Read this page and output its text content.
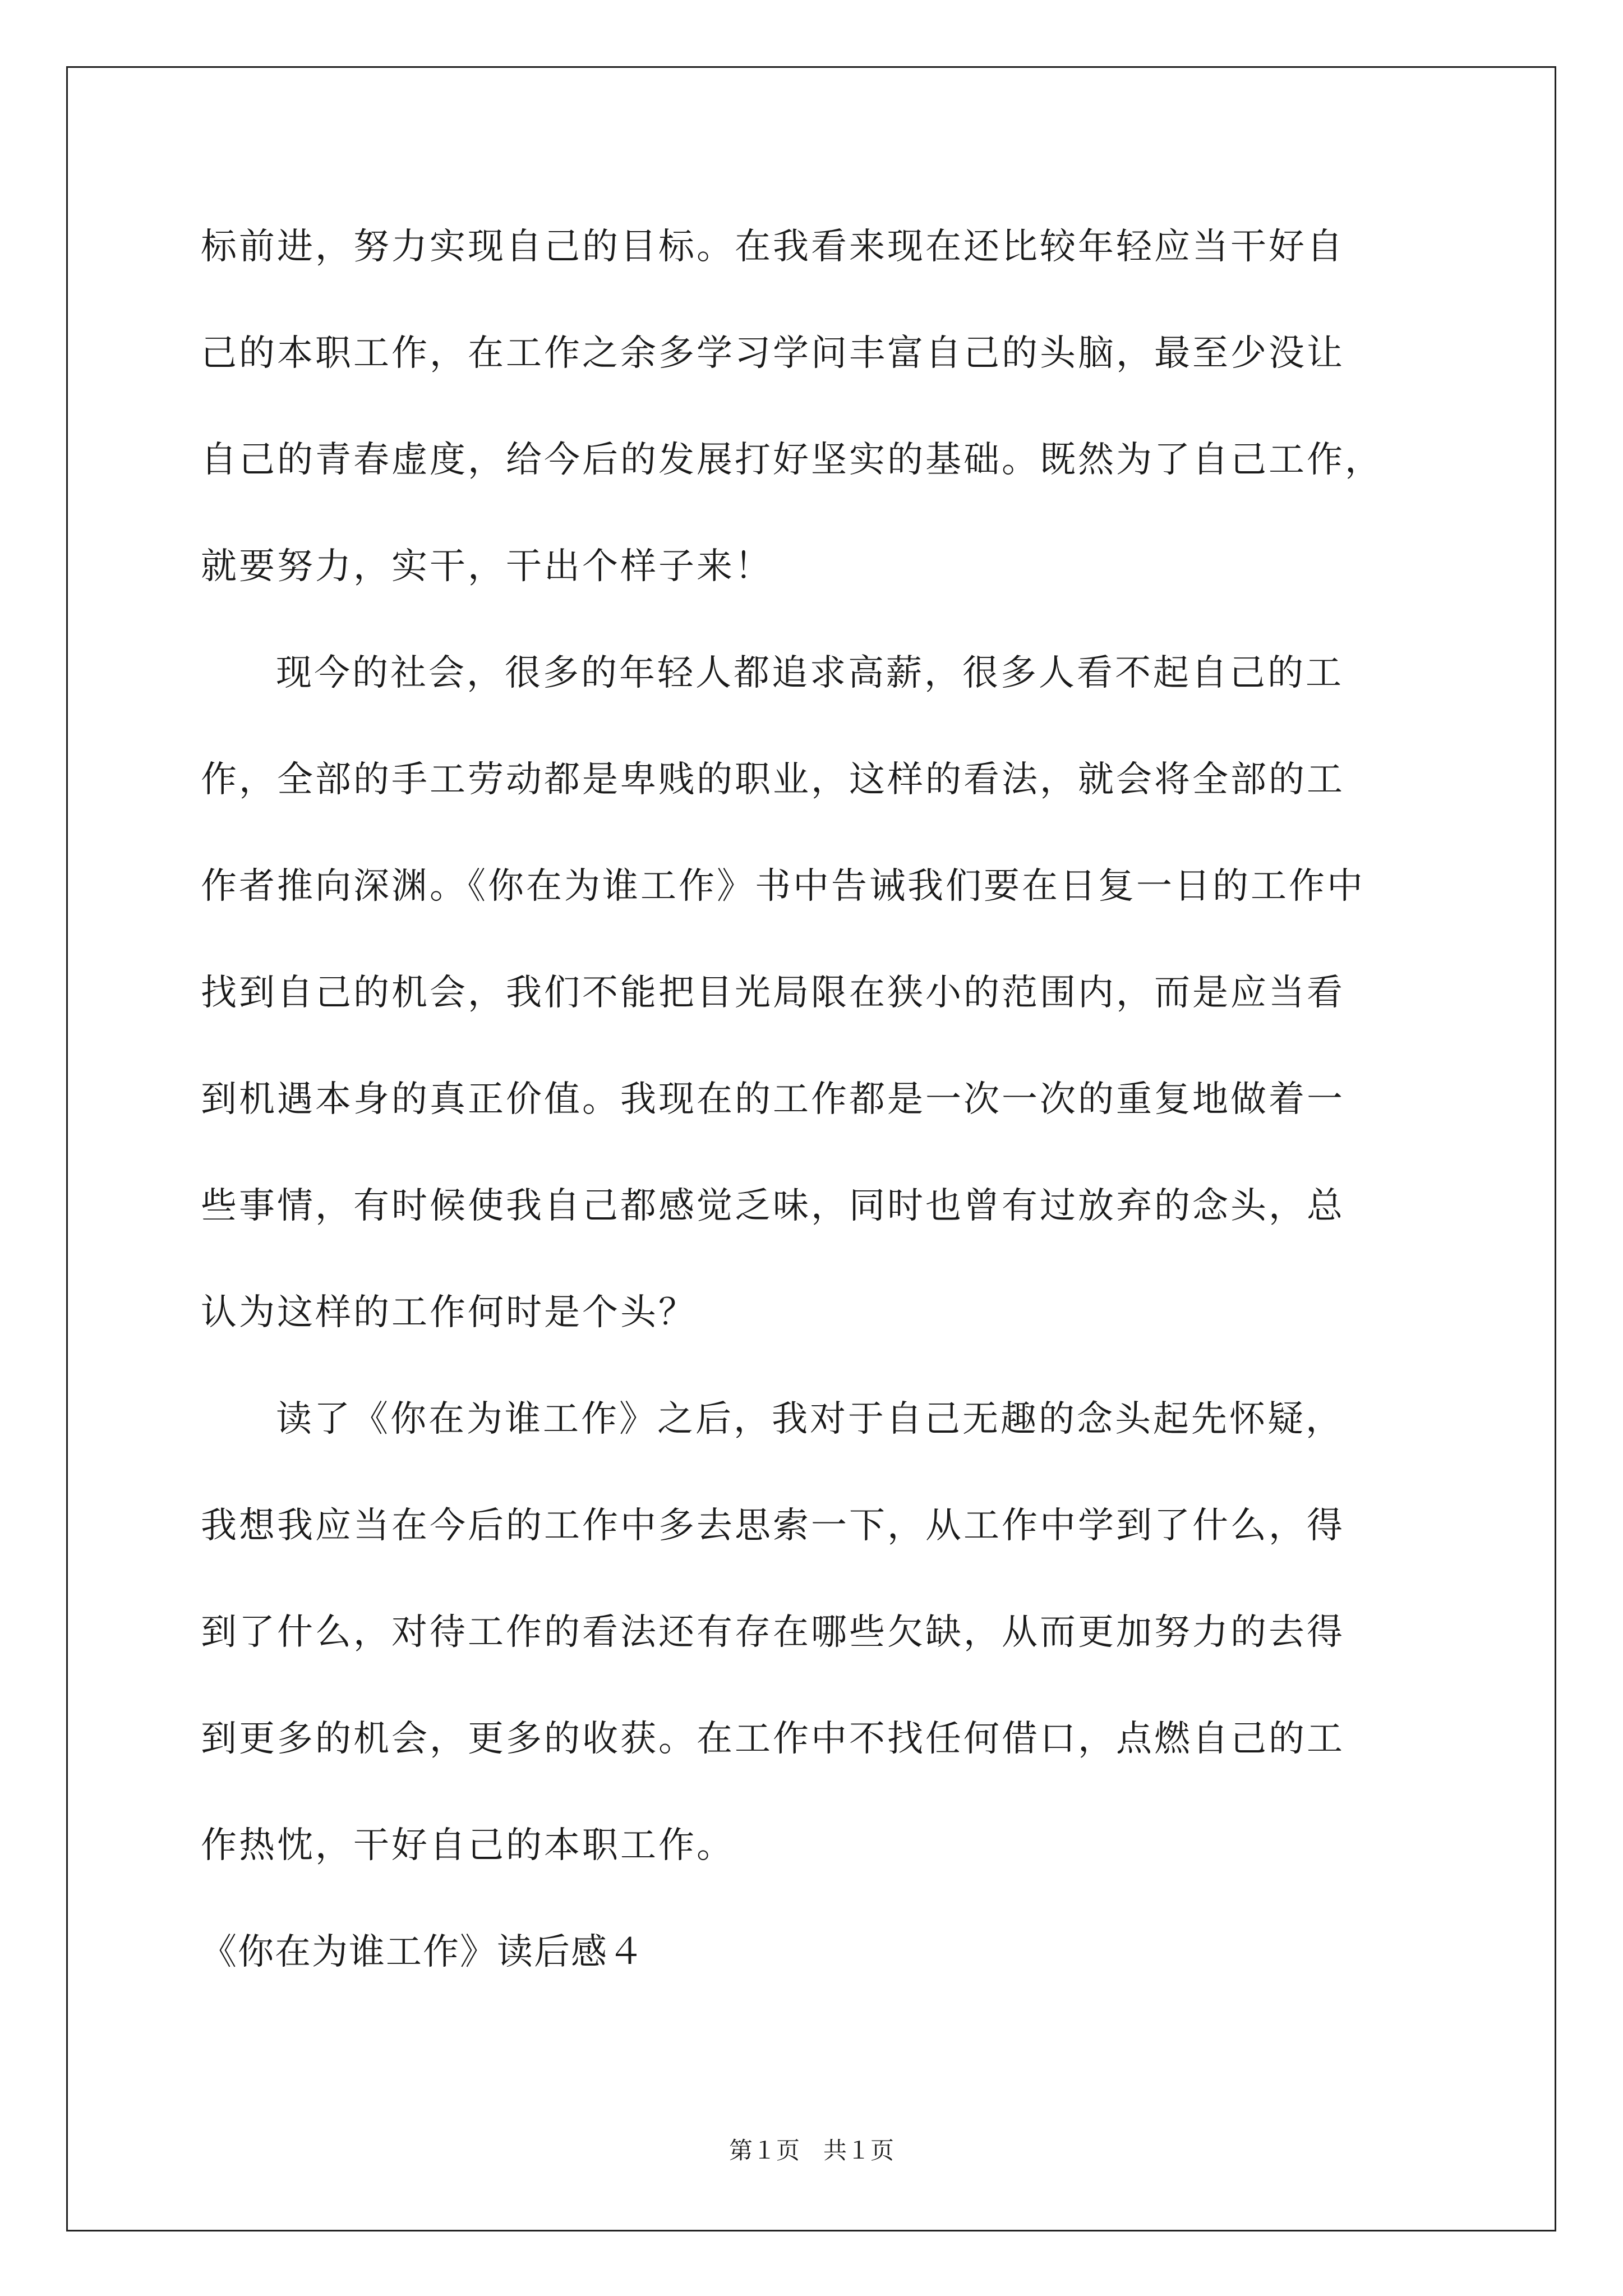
标前进，努力实现自己的目标。在我看来现在还比较年轻应当干好自
己的本职工作，在工作之余多学习学问丰富自己的头脑，最至少没让
自己的青春虚度，给今后的发展打好坚实的基础。既然为了自己工作，
就要努力，实干，干出个样子来！
现今的社会，很多的年轻人都追求高薪，很多人看不起自己的工
作，全部的手工劳动都是卑贱的职业，这样的看法，就会将全部的工
作者推向深渊。《你在为谁工作》书中告诫我们要在日复一日的工作中
找到自己的机会，我们不能把目光局限在狭小的范围内，而是应当看
到机遇本身的真正价值。我现在的工作都是一次一次的重复地做着一
些事情，有时候使我自己都感觉乏味，同时也曾有过放弃的念头，总
认为这样的工作何时是个头？
读了《你在为谁工作》之后，我对于自己无趣的念头起先怀疑，
我想我应当在今后的工作中多去思索一下，从工作中学到了什么，得
到了什么，对待工作的看法还有存在哪些欠缺，从而更加努力的去得
到更多的机会，更多的收获。在工作中不找任何借口，点燃自己的工
作热忱，干好自己的本职工作。
《你在为谁工作》读后感４
第１页　共１页
